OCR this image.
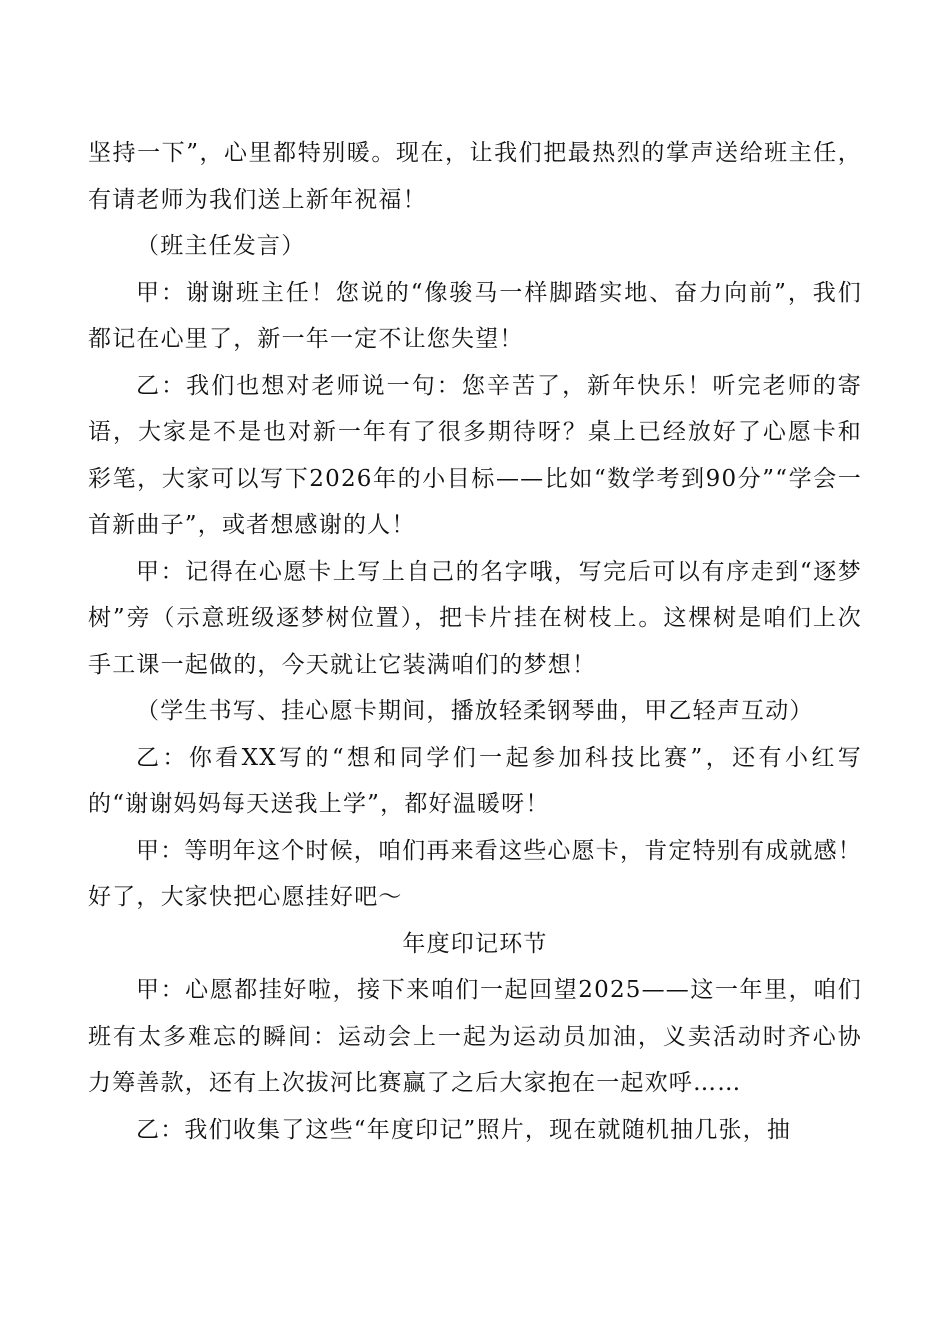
坚持一下”，心里都特别暖。现在，让我们把最热烈的掌声送给班主任，有请老师为我们送上新年祝福！

（班主任发言）

甲：谢谢班主任！您说的“像骏马一样脚踏实地、奋力向前”，我们都记在心里了，新一年一定不让您失望！

乙：我们也想对老师说一句：您辛苦了，新年快乐！听完老师的寄语，大家是不是也对新一年有了很多期待呀？桌上已经放好了心愿卡和彩笔，大家可以写下2026年的小目标——比如“数学考到90分”“学会一首新曲子”，或者想感谢的人！

甲：记得在心愿卡上写上自己的名字哦，写完后可以有序走到“逐梦树”旁（示意班级逐梦树位置），把卡片挂在树枝上。这棵树是咱们上次手工课一起做的，今天就让它装满咱们的梦想！

（学生书写、挂心愿卡期间，播放轻柔钢琴曲，甲乙轻声互动）

乙：你看XX写的“想和同学们一起参加科技比赛”，还有小红写的“谢谢妈妈每天送我上学”，都好温暖呀！

甲：等明年这个时候，咱们再来看这些心愿卡，肯定特别有成就感！好了，大家快把心愿挂好吧～

年度印记环节

甲：心愿都挂好啦，接下来咱们一起回望2025——这一年里，咱们班有太多难忘的瞬间：运动会上一起为运动员加油，义卖活动时齐心协力筹善款，还有上次拔河比赛赢了之后大家抱在一起欢呼……

乙：我们收集了这些“年度印记”照片，现在就随机抽几张，抽
